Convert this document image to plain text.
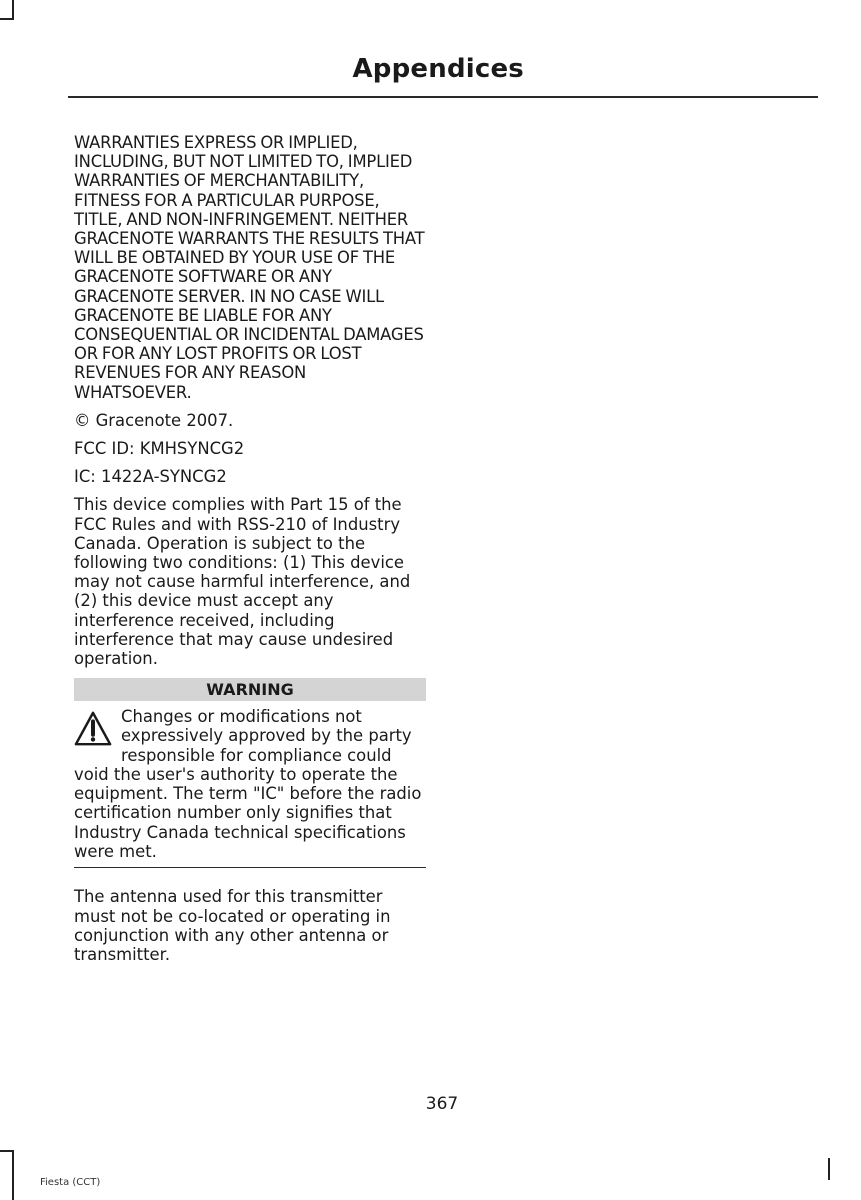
Appendices

WARRANTIES EXPRESS OR IMPLIED, INCLUDING, BUT NOT LIMITED TO, IMPLIED WARRANTIES OF MERCHANTABILITY, FITNESS FOR A PARTICULAR PURPOSE, TITLE, AND NON-INFRINGEMENT. NEITHER GRACENOTE WARRANTS THE RESULTS THAT WILL BE OBTAINED BY YOUR USE OF THE GRACENOTE SOFTWARE OR ANY GRACENOTE SERVER. IN NO CASE WILL GRACENOTE BE LIABLE FOR ANY CONSEQUENTIAL OR INCIDENTAL DAMAGES OR FOR ANY LOST PROFITS OR LOST REVENUES FOR ANY REASON WHATSOEVER.

© Gracenote 2007.

FCC ID: KMHSYNCG2

IC: 1422A-SYNCG2

This device complies with Part 15 of the FCC Rules and with RSS-210 of Industry Canada. Operation is subject to the following two conditions: (1) This device may not cause harmful interference, and (2) this device must accept any interference received, including interference that may cause undesired operation.

WARNING
Changes or modifications not expressively approved by the party responsible for compliance could void the user's authority to operate the equipment. The term "IC" before the radio certification number only signifies that Industry Canada technical specifications were met.

The antenna used for this transmitter must not be co-located or operating in conjunction with any other antenna or transmitter.

367
Fiesta (CCT)
